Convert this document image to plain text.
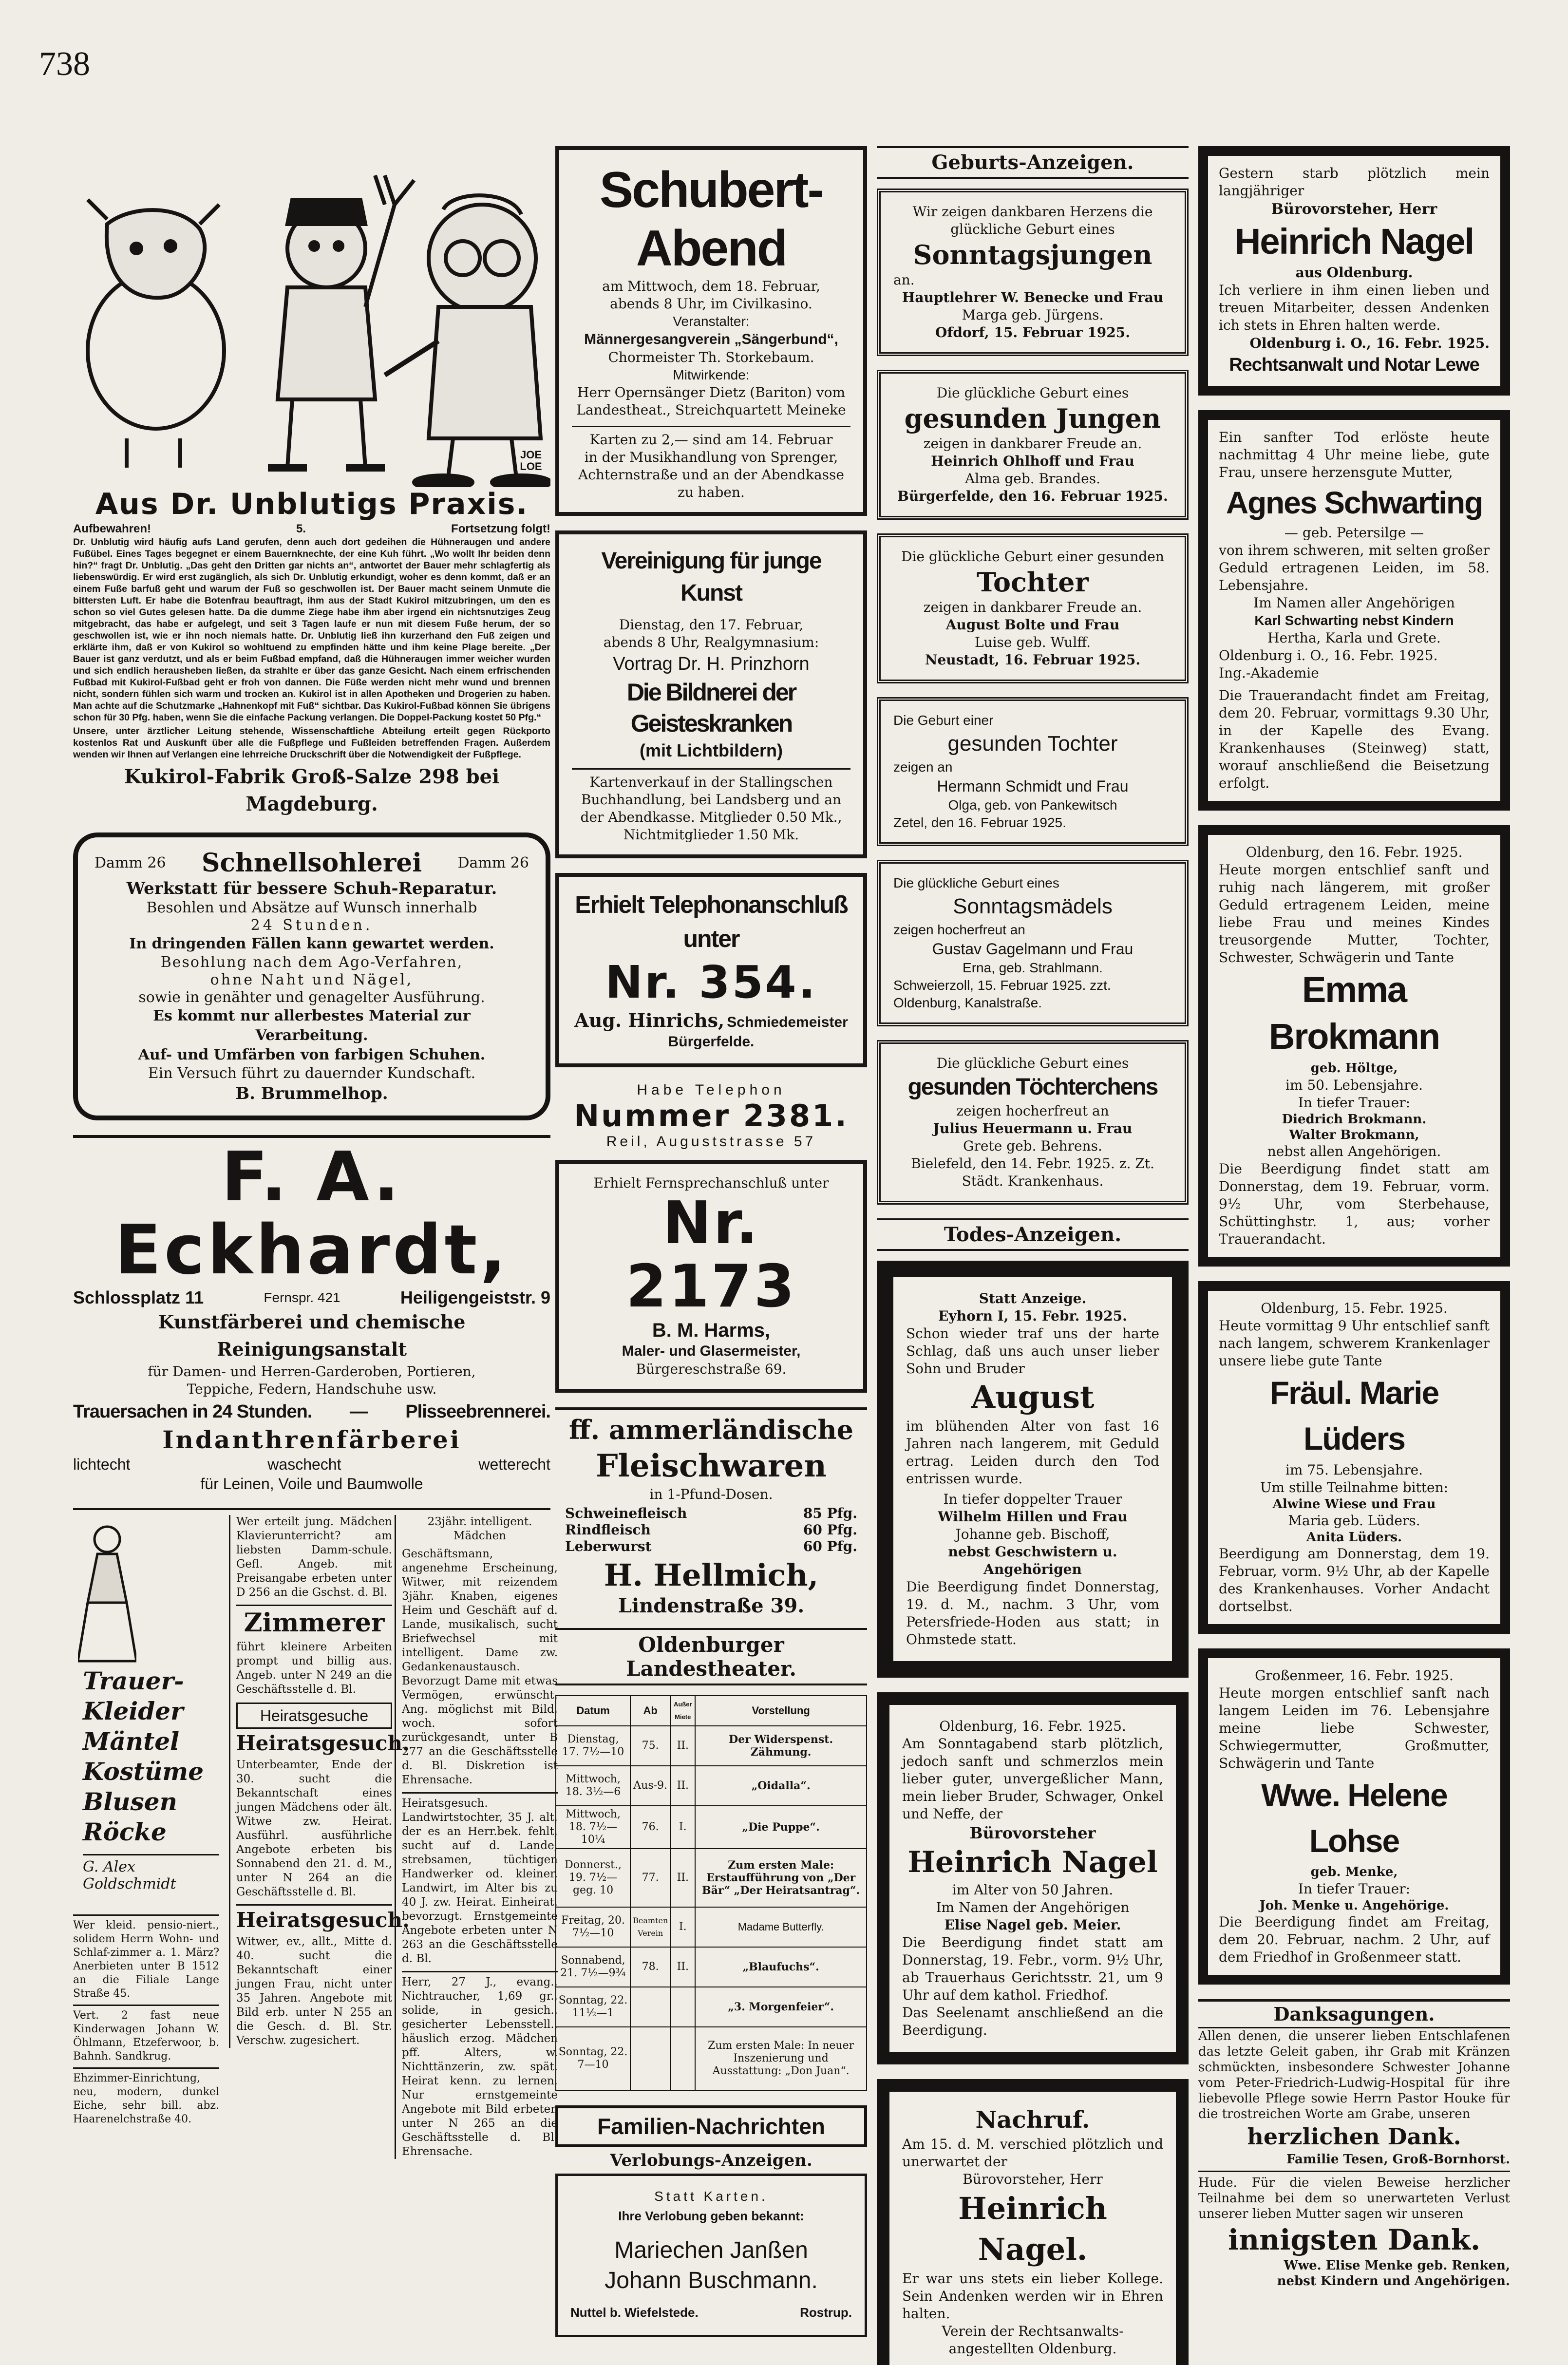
738
JOE LOE
Aus Dr. Unblutigs Praxis.
Aufbewahren!	5.	Fortsetzung folgt!
Dr. Unblutig wird häufig aufs Land gerufen, denn auch dort gedeihen die Hühneraugen und andere Fußübel. Eines Tages begegnet er einem Bauernknechte, der eine Kuh führt. „Wo wollt Ihr beiden denn hin?“ fragt Dr. Unblutig. „Das geht den Dritten gar nichts an“, antwortet der Bauer mehr schlagfertig als liebenswürdig. Er wird erst zugänglich, als sich Dr. Unblutig erkundigt, woher es denn kommt, daß er an einem Fuße barfuß geht und warum der Fuß so geschwollen ist. Der Bauer macht seinem Unmute die bittersten Luft. Er habe die Botenfrau beauftragt, ihm aus der Stadt Kukirol mitzubringen, um den es schon so viel Gutes gelesen hatte. Da die dumme Ziege habe ihm aber irgend ein nichtsnutziges Zeug mitgebracht, das habe er aufgelegt, und seit 3 Tagen laufe er nun mit diesem Fuße herum, der so geschwollen ist, wie er ihn noch niemals hatte. Dr. Unblutig ließ ihn kurzerhand den Fuß zeigen und erklärte ihm, daß er von Kukirol so wohltuend zu empfinden hätte und ihm keine Plage bereite. „Der Bauer ist ganz verdutzt, und als er beim Fußbad empfand, daß die Hühneraugen immer weicher wurden und sich endlich herausheben ließen, da strahlte er über das ganze Gesicht. Nach einem erfrischenden Fußbad mit Kukirol-Fußbad geht er froh von dannen. Die Füße werden nicht mehr wund und brennen nicht, sondern fühlen sich warm und trocken an. Kukirol ist in allen Apotheken und Drogerien zu haben. Man achte auf die Schutzmarke „Hahnenkopf mit Fuß“ sichtbar. Das Kukirol-Fußbad können Sie übrigens schon für 30 Pfg. haben, wenn Sie die einfache Packung verlangen. Die Doppel-Packung kostet 50 Pfg.“
Unsere, unter ärztlicher Leitung stehende, Wissenschaftliche Abteilung erteilt gegen Rückporto kostenlos Rat und Auskunft über alle die Fußpflege und Fußleiden betreffenden Fragen. Außerdem wenden wir Ihnen auf Verlangen eine lehrreiche Druckschrift über die Notwendigkeit der Fußpflege.
Kukirol-Fabrik Groß-Salze 298 bei Magdeburg.
Damm 26 Schnellsohlerei Damm 26
Werkstatt für bessere Schuh-Reparatur.
Besohlen und Absätze auf Wunsch innerhalb
24 Stunden.
In dringenden Fällen kann gewartet werden.
Besohlung nach dem Ago-Verfahren,
ohne Naht und Nägel,
sowie in genähter und genagelter Ausführung.
Es kommt nur allerbestes Material zur Verarbeitung.
Auf- und Umfärben von farbigen Schuhen.
Ein Versuch führt zu dauernder Kundschaft.
B. Brummelhop.
F. A. Eckhardt,
Schlossplatz 11	Fernspr. 421	Heiligengeiststr. 9
Kunstfärberei und chemische Reinigungsanstalt
für Damen- und Herren-Garderoben, Portieren,
Teppiche, Federn, Handschuhe usw.
Trauersachen in 24 Stunden. — Plisseebrennerei.
Indanthrenfärberei
lichtecht	waschecht	wetterecht
für Leinen, Voile und Baumwolle
Trauer-
Kleider
Mäntel
Kostüme
Blusen
Röcke
G. Alex Goldschmidt
Wer kleid. pensio-niert., solidem Herrn Wohn- und Schlaf-zimmer a. 1. März? Anerbieten unter B 1512 an die Filiale Lange Straße 45.
Vert. 2 fast neue Kinderwagen Johann W. Öhlmann, Etzeferwoor, b. Bahnh. Sandkrug.
Ehzimmer-Einrichtung, neu, modern, dunkel Eiche, sehr bill. abz. Haarenelchstraße 40.
Wer erteilt jung. Mädchen Klavierunterricht? am liebsten Damm-schule. Gefl. Angeb. mit Preisangabe erbeten unter D 256 an die Gschst. d. Bl.
Zimmerer
führt kleinere Arbeiten prompt und billig aus. Angeb. unter N 249 an die Geschäftsstelle d. Bl.
Heiratsgesuche
Heiratsgesuch.
Unterbeamter, Ende der 30. sucht die Bekanntschaft eines jungen Mädchens oder ält. Witwe zw. Heirat. Ausführl. ausführliche Angebote erbeten bis Sonnabend den 21. d. M., unter N 264 an die Geschäftsstelle d. Bl.
Heiratsgesuch.
Witwer, ev., allt., Mitte d. 40. sucht die Bekanntschaft einer jungen Frau, nicht unter 35 Jahren. Angebote mit Bild erb. unter N 255 an die Gesch. d. Bl. Str. Verschw. zugesichert.
23jähr. intelligent. Mädchen
Geschäftsmann, angenehme Erscheinung, Witwer, mit reizendem 3jähr. Knaben, eigenes Heim und Geschäft auf d. Lande, musikalisch, sucht Briefwechsel mit intelligent. Dame zw. Gedankenaustausch. Bevorzugt Dame mit etwas Vermögen, erwünscht. Ang. möglichst mit Bild, woch. sofort zurückgesandt, unter B 277 an die Geschäftsstelle d. Bl. Diskretion ist Ehrensache.
Heiratsgesuch. Landwirtstochter, 35 J. alt, der es an Herr.bek. fehlt, sucht auf d. Lande, strebsamen, tüchtigen Handwerker od. kleiner. Landwirt, im Alter bis zu 40 J. zw. Heirat. Einheirat. bevorzugt. Ernstgemeinte Angebote erbeten unter N 263 an die Geschäftsstelle d. Bl.
Herr, 27 J., evang., Nichtraucher, 1,69 gr., solide, in gesich., gesicherter Lebensstell., häuslich erzog. Mädchen pff. Alters, w. Nichttänzerin, zw. spät. Heirat kenn. zu lernen. Nur ernstgemeinte Angebote mit Bild erbeten unter N 265 an die Geschäftsstelle d. Bl. Ehrensache.
Schubert-Abend
am Mittwoch, dem 18. Februar,
abends 8 Uhr, im Civilkasino.
Veranstalter:
Männergesangverein „Sängerbund“,
Chormeister Th. Storkebaum.
Mitwirkende:
Herr Opernsänger Dietz (Bariton) vom
Landestheat., Streichquartett Meineke
Karten zu 2,— sind am 14. Februar
in der Musikhandlung von Sprenger,
Achternstraße und an der Abendkasse
zu haben.
Vereinigung für junge Kunst
Dienstag, den 17. Februar,
abends 8 Uhr, Realgymnasium:
Vortrag Dr. H. Prinzhorn
Die Bildnerei der Geisteskranken
(mit Lichtbildern)
Kartenverkauf in der Stallingschen
Buchhandlung, bei Landsberg und an
der Abendkasse. Mitglieder 0.50 Mk.,
Nichtmitglieder 1.50 Mk.
Erhielt Telephonanschluß unter
Nr. 354.
Aug. Hinrichs, Schmiedemeister
Bürgerfelde.
Habe Telephon
Nummer 2381.
Reil, Auguststrasse 57
Erhielt Fernsprechanschluß unter
Nr. 2173
B. M. Harms,
Maler- und Glasermeister,
Bürgereschstraße 69.
ff. ammerländische
Fleischwaren
in 1-Pfund-Dosen.
Schweinefleisch	85 Pfg.
Rindfleisch	60 Pfg.
Leberwurst	60 Pfg.
H. Hellmich,
Lindenstraße 39.
Oldenburger Landestheater.
Datum	Ab	Außer Miete	Vorstellung
Dienstag, 17. 7½—10	75.	II.	Der Widerspenst. Zähmung.
Mittwoch, 18. 3½—6	Aus-9.	II.	„Oidalla“.
Mittwoch, 18. 7½—10¼	76.	I.	„Die Puppe“.
Donnerst., 19. 7½—geg. 10	77.	II.	Zum ersten Male: Erstaufführung von „Der Bär“ „Der Heiratsantrag“.
Freitag, 20. 7½—10	Beamten Verein	I.	Madame Butterfly.
Sonnabend, 21. 7½—9¾	78.	II.	„Blaufuchs“.
Sonntag, 22. 11½—1			„3. Morgenfeier“.
Sonntag, 22. 7—10			Zum ersten Male: In neuer Inszenierung und Ausstattung: „Don Juan“.
Familien-Nachrichten
Verlobungs-Anzeigen.
Statt Karten.
Ihre Verlobung geben bekannt:
Mariechen Janßen
Johann Buschmann.
Nuttel b. Wiefelstede.	Rostrup.
Geburts-Anzeigen.
Wir zeigen dankbaren Herzens die glückliche Geburt eines
Sonntagsjungen
an.
Hauptlehrer W. Benecke und Frau
Marga geb. Jürgens.
Ofdorf, 15. Februar 1925.
Die glückliche Geburt eines
gesunden Jungen
zeigen in dankbarer Freude an.
Heinrich Ohlhoff und Frau
Alma geb. Brandes.
Bürgerfelde, den 16. Februar 1925.
Die glückliche Geburt einer gesunden
Tochter
zeigen in dankbarer Freude an.
August Bolte und Frau
Luise geb. Wulff.
Neustadt, 16. Februar 1925.
Die Geburt einer
gesunden Tochter
zeigen an
Hermann Schmidt und Frau
Olga, geb. von Pankewitsch
Zetel, den 16. Februar 1925.
Die glückliche Geburt eines
Sonntagsmädels
zeigen hocherfreut an
Gustav Gagelmann und Frau
Erna, geb. Strahlmann.
Schweierzoll, 15. Februar 1925. zzt. Oldenburg, Kanalstraße.
Die glückliche Geburt eines
gesunden Töchterchens
zeigen hocherfreut an
Julius Heuermann u. Frau
Grete geb. Behrens.
Bielefeld, den 14. Febr. 1925. z. Zt. Städt. Krankenhaus.
Todes-Anzeigen.
Statt Anzeige.
Eyhorn I, 15. Febr. 1925.
Schon wieder traf uns der harte Schlag, daß uns auch unser lieber Sohn und Bruder
August
im blühenden Alter von fast 16 Jahren nach langerem, mit Geduld ertrag. Leiden durch den Tod entrissen wurde.
In tiefer doppelter Trauer
Wilhelm Hillen und Frau
Johanne geb. Bischoff,
nebst Geschwistern u. Angehörigen
Die Beerdigung findet Donnerstag, 19. d. M., nachm. 3 Uhr, vom Petersfriede-Hoden aus statt; in Ohmstede statt.
Oldenburg, 16. Febr. 1925.
Am Sonntagabend starb plötzlich, jedoch sanft und schmerzlos mein lieber guter, unvergeßlicher Mann, mein lieber Bruder, Schwager, Onkel und Neffe, der
Bürovorsteher
Heinrich Nagel
im Alter von 50 Jahren.
Im Namen der Angehörigen
Elise Nagel geb. Meier.
Die Beerdigung findet statt am Donnerstag, 19. Febr., vorm. 9½ Uhr, ab Trauerhaus Gerichtsstr. 21, um 9 Uhr auf dem kathol. Friedhof.
Das Seelenamt anschließend an die Beerdigung.
Nachruf.
Am 15. d. M. verschied plötzlich und unerwartet der
Bürovorsteher, Herr
Heinrich Nagel.
Er war uns stets ein lieber Kollege. Sein Andenken werden wir in Ehren halten.
Verein der Rechtsanwalts-angestellten Oldenburg.
Gestern starb plötzlich mein langjähriger
Bürovorsteher, Herr
Heinrich Nagel
aus Oldenburg.
Ich verliere in ihm einen lieben und treuen Mitarbeiter, dessen Andenken ich stets in Ehren halten werde.
Oldenburg i. O., 16. Febr. 1925.
Rechtsanwalt und Notar Lewe
Ein sanfter Tod erlöste heute nachmittag 4 Uhr meine liebe, gute Frau, unsere herzensgute Mutter,
Agnes Schwarting
— geb. Petersilge —
von ihrem schweren, mit selten großer Geduld ertragenen Leiden, im 58. Lebensjahre.
Im Namen aller Angehörigen
Karl Schwarting nebst Kindern
Hertha, Karla und Grete.
Oldenburg i. O., 16. Febr. 1925.
Ing.-Akademie
Die Trauerandacht findet am Freitag, dem 20. Februar, vormittags 9.30 Uhr, in der Kapelle des Evang. Krankenhauses (Steinweg) statt, worauf anschließend die Beisetzung erfolgt.
Oldenburg, den 16. Febr. 1925.
Heute morgen entschlief sanft und ruhig nach längerem, mit großer Geduld ertragenem Leiden, meine liebe Frau und meines Kindes treusorgende Mutter, Tochter, Schwester, Schwägerin und Tante
Emma Brokmann
geb. Höltge,
im 50. Lebensjahre.
In tiefer Trauer:
Diedrich Brokmann.
Walter Brokmann,
nebst allen Angehörigen.
Die Beerdigung findet statt am Donnerstag, dem 19. Februar, vorm. 9½ Uhr, vom Sterbehause, Schüttinghstr. 1, aus; vorher Trauerandacht.
Oldenburg, 15. Febr. 1925.
Heute vormittag 9 Uhr entschlief sanft nach langem, schwerem Krankenlager unsere liebe gute Tante
Fräul. Marie Lüders
im 75. Lebensjahre.
Um stille Teilnahme bitten:
Alwine Wiese und Frau
Maria geb. Lüders.
Anita Lüders.
Beerdigung am Donnerstag, dem 19. Februar, vorm. 9½ Uhr, ab der Kapelle des Krankenhauses. Vorher Andacht dortselbst.
Großenmeer, 16. Febr. 1925.
Heute morgen entschlief sanft nach langem Leiden im 76. Lebensjahre meine liebe Schwester, Schwiegermutter, Großmutter, Schwägerin und Tante
Wwe. Helene Lohse
geb. Menke,
In tiefer Trauer:
Joh. Menke u. Angehörige.
Die Beerdigung findet am Freitag, dem 20. Februar, nachm. 2 Uhr, auf dem Friedhof in Großenmeer statt.
Danksagungen.
Allen denen, die unserer lieben Entschlafenen das letzte Geleit gaben, ihr Grab mit Kränzen schmückten, insbesondere Schwester Johanne vom Peter-Friedrich-Ludwig-Hospital für ihre liebevolle Pflege sowie Herrn Pastor Houke für die trostreichen Worte am Grabe, unseren
herzlichen Dank.
Familie Tesen, Groß-Bornhorst.
Hude. Für die vielen Beweise herzlicher Teilnahme bei dem so unerwarteten Verlust unserer lieben Mutter sagen wir unseren
innigsten Dank.
Wwe. Elise Menke geb. Renken,
nebst Kindern und Angehörigen.
